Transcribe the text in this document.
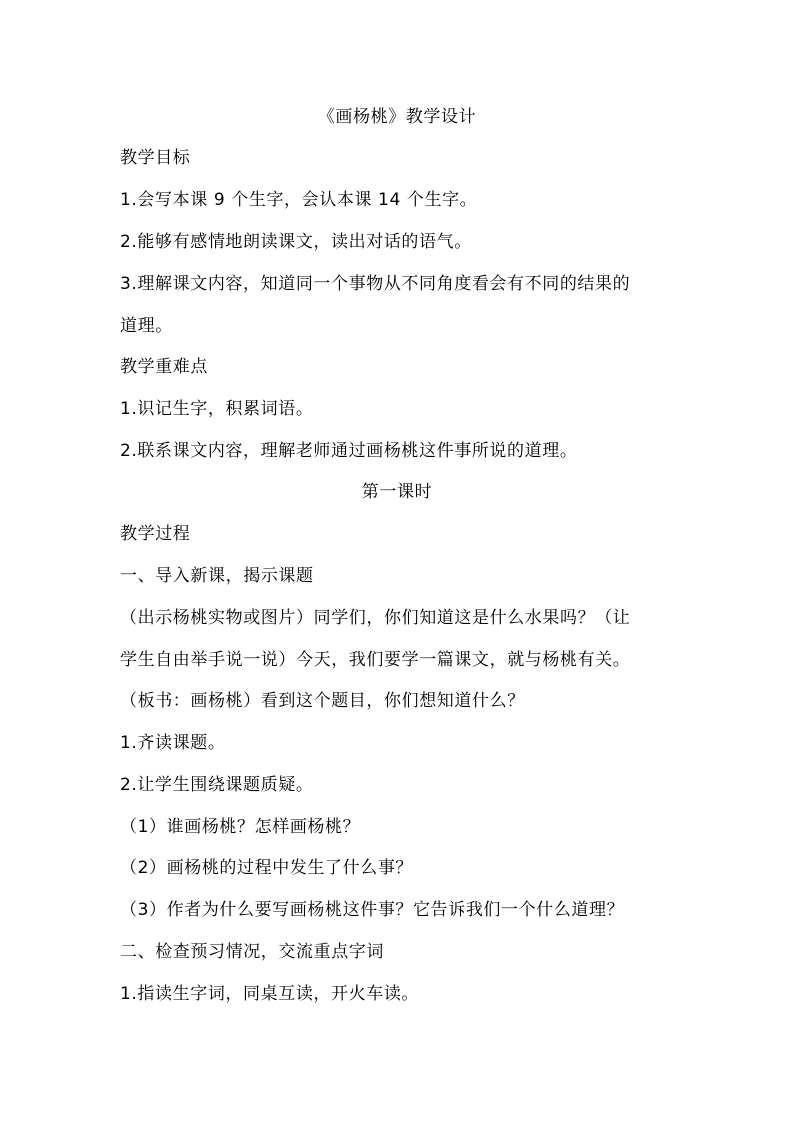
《画杨桃》教学设计
教学目标
1.会写本课 9 个生字，会认本课 14 个生字。
2.能够有感情地朗读课文，读出对话的语气。
3.理解课文内容，知道同一个事物从不同角度看会有不同的结果的
道理。
教学重难点
1.识记生字，积累词语。
2.联系课文内容，理解老师通过画杨桃这件事所说的道理。
第一课时
教学过程
一、导入新课，揭示课题
（出示杨桃实物或图片）同学们，你们知道这是什么水果吗？（让
学生自由举手说一说）今天，我们要学一篇课文，就与杨桃有关。
（板书：画杨桃）看到这个题目，你们想知道什么？
1.齐读课题。
2.让学生围绕课题质疑。
（1）谁画杨桃？怎样画杨桃？
（2）画杨桃的过程中发生了什么事？
（3）作者为什么要写画杨桃这件事？它告诉我们一个什么道理？
二、检查预习情况，交流重点字词
1.指读生字词，同桌互读，开火车读。
